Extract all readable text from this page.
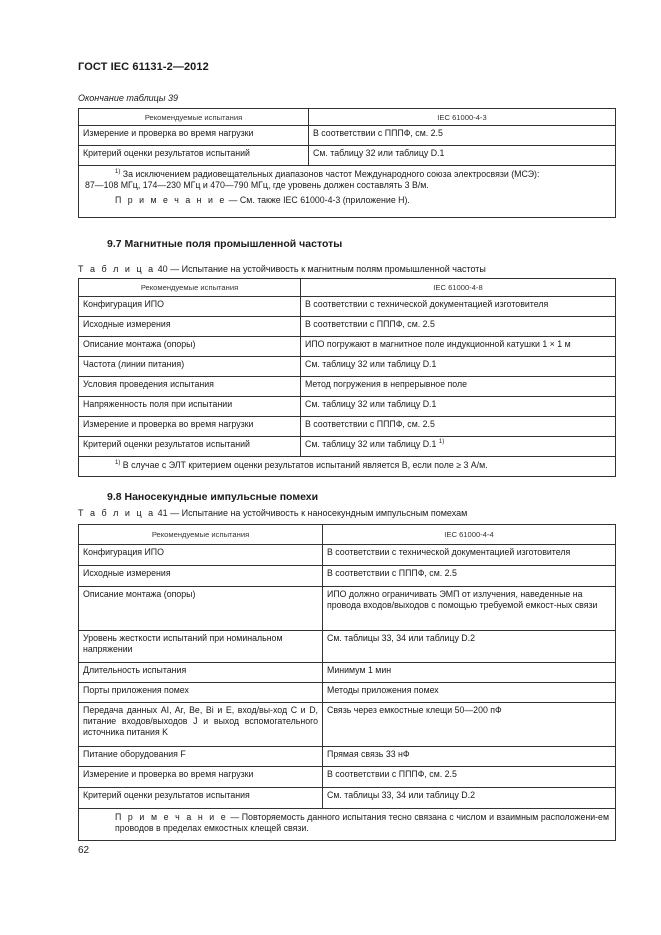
ГОСТ IEC 61131-2—2012
Окончание таблицы 39
Рекомендуемые испытания	IEC 61000-4-3
Измерение и проверка во время нагрузки	В соответствии с ПППФ, см. 2.5
Критерий оценки результатов испытаний	См. таблицу 32 или таблицу D.1

$^{1)}$ За исключением радиовещательных диапазонов частот Международного союза электросвязи (МСЭ):
87—108 МГц, 174—230 МГц и 470—790 МГц, где уровень должен составлять 3 В/м.
П р и м е ч а н и е — См. также IEC 61000-4-3 (приложение Н).	
9.7 Магнитные поля промышленной частоты
Т а б л и ц а 40 — Испытание на устойчивость к магнитным полям промышленной частоты
Рекомендуемые испытания	IEC 61000-4-8
Конфигурация ИПО	В соответствии с технической документацией изготовителя
Исходные измерения	В соответствии с ПППФ, см. 2.5
Описание монтажа (опоры)	ИПО погружают в магнитное поле индукционной катушки 1 × 1 м
Частота (линии питания)	См. таблицу 32 или таблицу D.1
Условия проведения испытания	Метод погружения в непрерывное поле
Напряженность поля при испытании	См. таблицу 32 или таблицу D.1
Измерение и проверка во время нагрузки	В соответствии с ПППФ, см. 2.5
Критерий оценки результатов испытаний	См. таблицу 32 или таблицу D.1 $^{1)}$

$^{1)}$ В случае с ЭЛТ критерием оценки результатов испытаний является В, если поле ≥ 3 А/м.	
9.8 Наносекундные импульсные помехи
Т а б л и ц а 41 — Испытание на устойчивость к наносекундным импульсным помехам
Рекомендуемые испытания	IEC 61000-4-4
Конфигурация ИПО	В соответствии с технической документацией изготовителя
Исходные измерения	В соответствии с ПППФ, см. 2.5
Описание монтажа (опоры)	ИПО должно ограничивать ЭМП от излучения, наведенные на провода входов/выходов с помощью требуемой емкост-ных связи
Уровень жесткости испытаний при номинальном напряжении	См. таблицы 33, 34 или таблицу D.2
Длительность испытания	Минимум 1 мин
Порты приложения помех	Методы приложения помех
Передача данных AI, Ar, Be, Bi и E, вход/вы-ход C и D, питание входов/выходов J и выход вспомогательного источника питания K	Связь через емкостные клещи 50—200 пФ
Питание оборудования F	Прямая связь 33 нФ
Измерение и проверка во время нагрузки	В соответствии с ПППФ, см. 2.5
Критерий оценки результатов испытания	См. таблицы 33, 34 или таблицу D.2

П р и м е ч а н и е — Повторяемость данного испытания тесно связана с числом и взаимным расположени-ем проводов в пределах емкостных клещей связи.	
62
